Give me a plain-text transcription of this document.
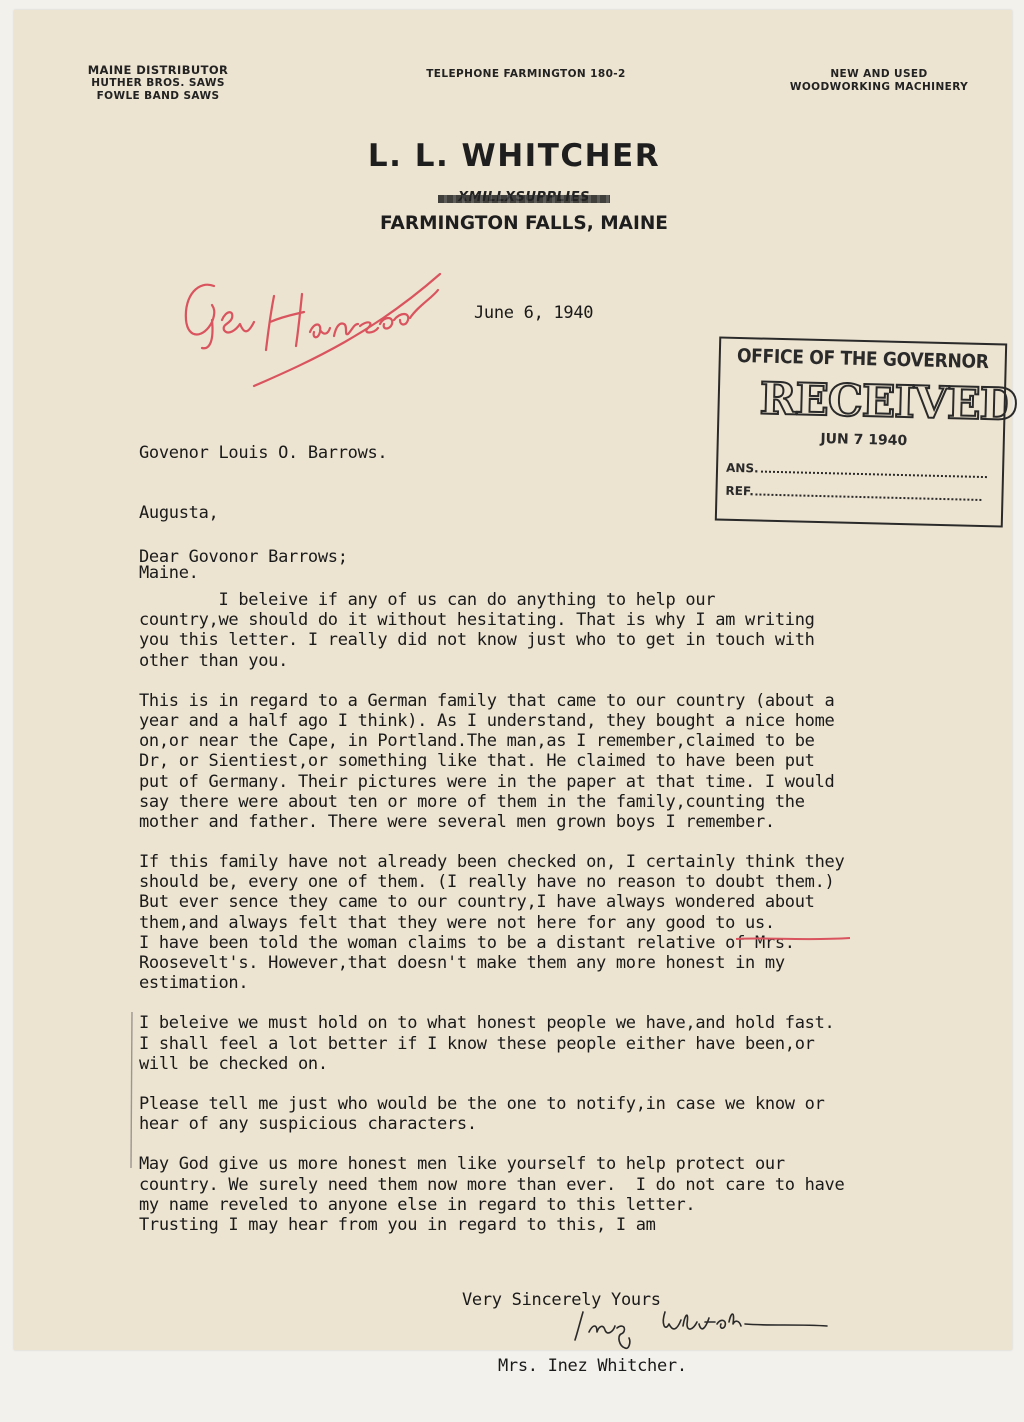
MAINE DISTRIBUTOR
HUTHER BROS. SAWS
FOWLE BAND SAWS
TELEPHONE FARMINGTON 180-2	NEW AND USED
WOODWORKING MACHINERY
L. L. WHITCHER
FARMINGTON FALLS, MAINE
June 6, 1940
OFFICE OF THE GOVERNOR
RECEIVED
JUN 7 1940
ANS.
REF.

Govenor Louis O. Barrows.

Augusta,

Maine.

Dear Govonor Barrows;
I beleive if any of us can do anything to help our
country,we should do it without hesitating. That is why I am writing
you this letter. I really did not know just who to get in touch with
other than you.
This is in regard to a German family that came to our country (about a
year and a half ago I think). As I understand, they bought a nice home
on,or near the Cape, in Portland.The man,as I remember,claimed to be
Dr, or Sientiest,or something like that. He claimed to have been put
put of Germany. Their pictures were in the paper at that time. I would
say there were about ten or more of them in the family,counting the
mother and father. There were several men grown boys I remember.
If this family have not already been checked on, I certainly think they
should be, every one of them. (I really have no reason to doubt them.)
But ever sence they came to our country,I have always wondered about
them,and always felt that they were not here for any good to us.
I have been told the woman claims to be a distant relative of Mrs.
Roosevelt's. However,that doesn't make them any more honest in my
estimation.
I beleive we must hold on to what honest people we have,and hold fast.
I shall feel a lot better if I know these people either have been,or
will be checked on.
Please tell me just who would be the one to notify,in case we know or
hear of any suspicious characters.
May God give us more honest men like yourself to help protect our
country. We surely need them now more than ever.  I do not care to have
my name reveled to anyone else in regard to this letter.
Trusting I may hear from you in regard to this, I am

Very Sincerely Yours

Mrs. Inez Whitcher.
